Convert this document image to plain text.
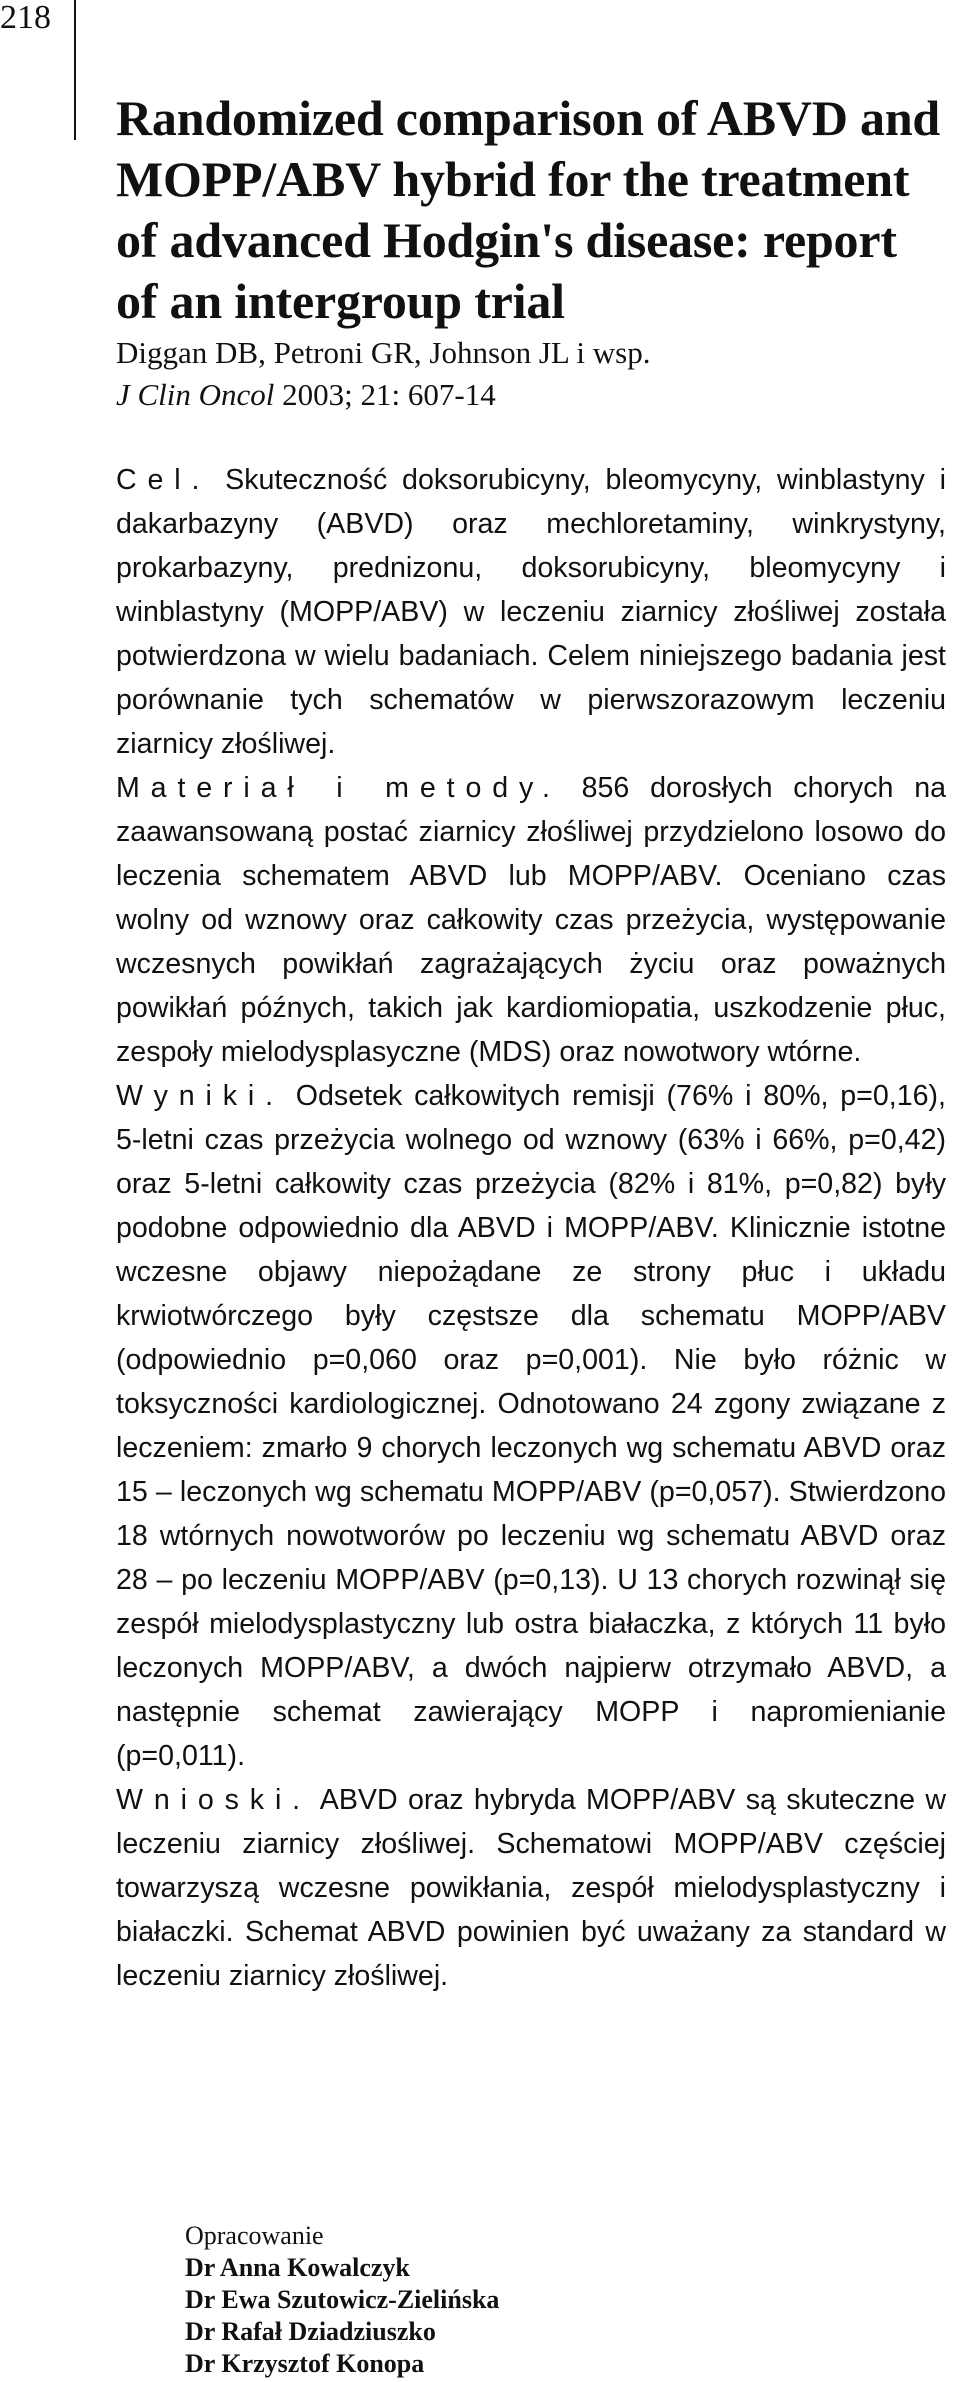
218
Randomized comparison of ABVD and MOPP/ABV hybrid for the treatment of advanced Hodgin's disease: report of an intergroup trial
Diggan DB, Petroni GR, Johnson JL i wsp.
J Clin Oncol 2003; 21: 607-14

Cel. Skuteczność doksorubicyny, bleomycyny, winblastyny i dakarbazyny (ABVD) oraz mechloretaminy, winkrystyny, prokarbazyny, prednizonu, doksorubicyny, bleomycyny i winblastyny (MOPP/ABV) w leczeniu ziarnicy złośliwej została potwierdzona w wielu badaniach. Celem niniejszego badania jest porównanie tych schematów w pierwszorazowym leczeniu ziarnicy złośliwej.

Materiał i metody. 856 dorosłych chorych na zaawansowaną postać ziarnicy złośliwej przydzielono losowo do leczenia schematem ABVD lub MOPP/ABV. Oceniano czas wolny od wznowy oraz całkowity czas przeżycia, występowanie wczesnych powikłań zagrażających życiu oraz poważnych powikłań późnych, takich jak kardiomiopatia, uszkodzenie płuc, zespoły mielodysplasyczne (MDS) oraz nowotwory wtórne.

Wyniki. Odsetek całkowitych remisji (76% i 80%, p=0,16), 5-letni czas przeżycia wolnego od wznowy (63% i 66%, p=0,42) oraz 5-letni całkowity czas przeżycia (82% i 81%, p=0,82) były podobne odpowiednio dla ABVD i MOPP/ABV. Klinicznie istotne wczesne objawy niepożądane ze strony płuc i układu krwiotwórczego były częstsze dla schematu MOPP/ABV (odpowiednio p=0,060 oraz p=0,001). Nie było różnic w toksyczności kardiologicznej. Odnotowano 24 zgony związane z leczeniem: zmarło 9 chorych leczonych wg schematu ABVD oraz 15 – leczonych wg schematu MOPP/ABV (p=0,057). Stwierdzono 18 wtórnych nowotworów po leczeniu wg schematu ABVD oraz 28 – po leczeniu MOPP/ABV (p=0,13). U 13 chorych rozwinął się zespół mielodysplastyczny lub ostra białaczka, z których 11 było leczonych MOPP/ABV, a dwóch najpierw otrzymało ABVD, a następnie schemat zawierający MOPP i napromienianie (p=0,011).

Wnioski. ABVD oraz hybryda MOPP/ABV są skuteczne w leczeniu ziarnicy złośliwej. Schematowi MOPP/ABV częściej towarzyszą wczesne powikłania, zespół mielodysplastyczny i białaczki. Schemat ABVD powinien być uważany za standard w leczeniu ziarnicy złośliwej.

Opracowanie
Dr Anna Kowalczyk
Dr Ewa Szutowicz-Zielińska
Dr Rafał Dziadziuszko
Dr Krzysztof Konopa
